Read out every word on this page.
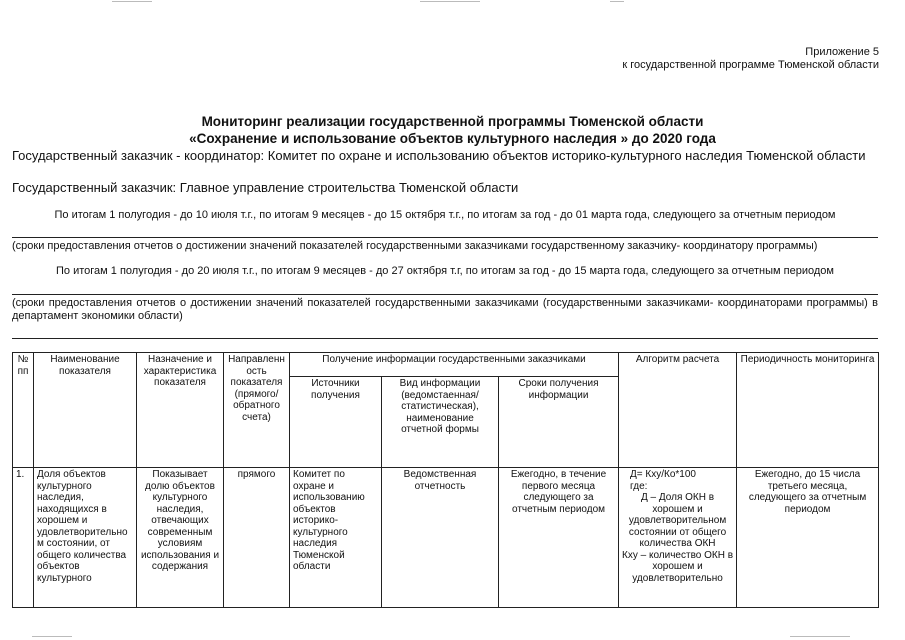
Приложение 5
к государственной программе Тюменской области
Мониторинг реализации государственной программы Тюменской области
«Сохранение и использование объектов культурного наследия » до 2020 года
Государственный заказчик - координатор: Комитет по охране и использованию объектов историко-культурного наследия Тюменской области
Государственный заказчик: Главное управление строительства Тюменской области
По итогам 1 полугодия - до 10 июля т.г., по итогам 9 месяцев - до 15 октября т.г., по итогам за год - до 01 марта года, следующего за отчетным периодом
(сроки предоставления отчетов о достижении значений показателей государственными заказчиками государственному заказчику- координатору программы)
По итогам 1 полугодия - до 20 июля т.г., по итогам 9 месяцев - до 27 октября т.г, по итогам за год - до 15 марта года, следующего за отчетным периодом
(сроки предоставления отчетов о достижении значений показателей государственными заказчиками (государственными заказчиками- координаторами программы) в департамент экономики области)
№ пп	Наименование показателя	Назначение и характеристика показателя	Направленность показателя (прямого/обратного счета)	Получение информации государственными заказчиками			Алгоритм расчета	Периодичность мониторинга
				Источники получения	Вид информации (ведомстаенная/ статистическая), наименование отчетной формы	Сроки получения информации		
1.	Доля объектов культурного наследия, находящихся в хорошем и удовлетворительном состоянии, от общего количества объектов культурного	Показывает долю объектов культурного наследия, отвечающих современным условиям использования и содержания	прямого	Комитет по охране и использованию объектов историко-культурного наследия Тюменской области	Ведомственная отчетность	Ежегодно, в течение первого месяца следующего за отчетным периодом	Д= Кху/Ко*100
где:
Д – Доля ОКН в хорошем и удовлетворительном состоянии от общего количества ОКН
Кху – количество ОКН в хорошем и удовлетворительно	Ежегодно, до 15 числа третьего месяца, следующего за отчетным периодом
